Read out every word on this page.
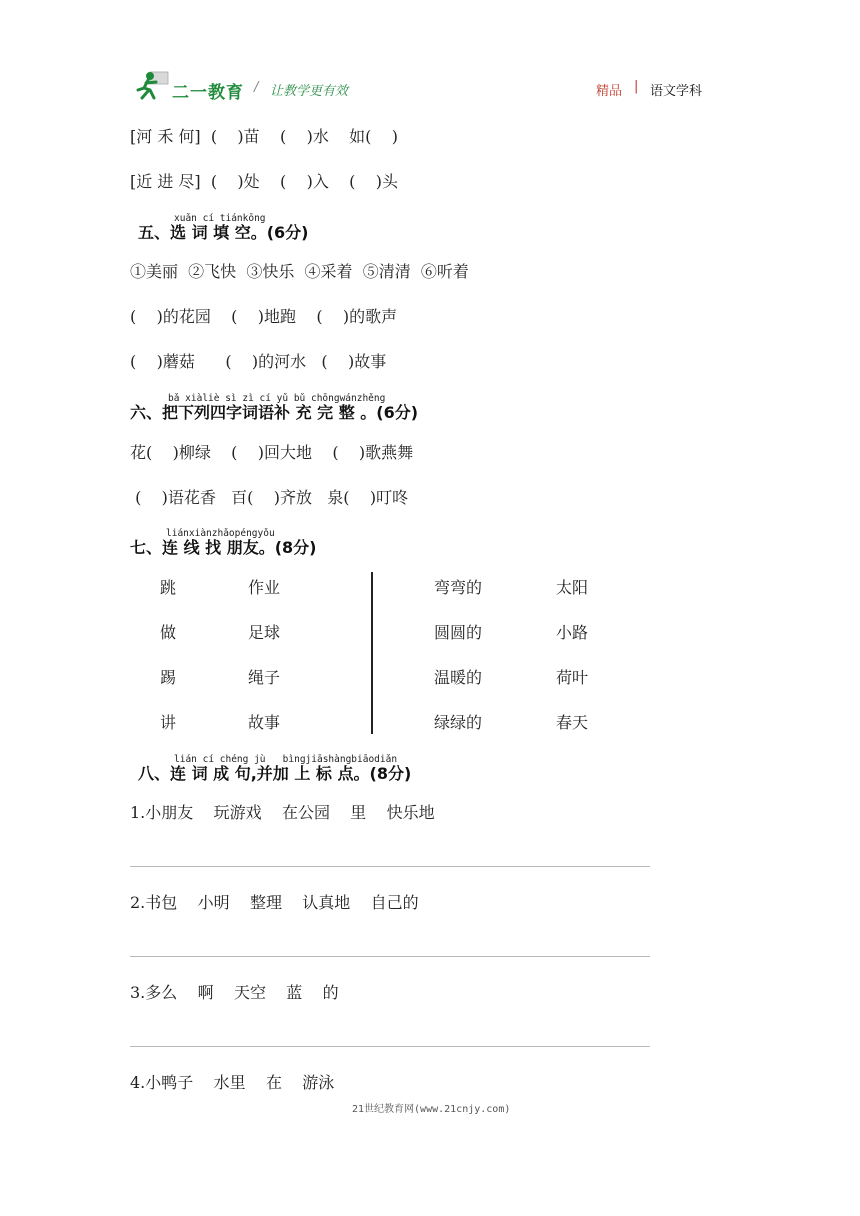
二一教育 / 让教学更有效	精品 | 语文学科
[河 禾 何]  (    )苗    (    )水    如(    )
[近 进 尽]  (    )处    (    )入    (    )头
xuǎn cí tiánkōng
五、选 词 填 空。(6分)
①美丽  ②飞快  ③快乐  ④采着  ⑤清清  ⑥听着
(    )的花园    (    )地跑    (    )的歌声
(    )蘑菇      (    )的河水   (    )故事
bǎ xiàliè sì zì cí yǔ bǔ chōngwánzhěng
六、把下列四字词语补 充 完 整 。(6分)
花(    )柳绿    (    )回大地    (    )歌燕舞
(    )语花香   百(    )齐放   泉(    )叮咚
liánxiànzhǎopéngyǒu
七、连 线 找 朋友。(8分)
跳
做
踢
讲
作业
足球
绳子
故事
弯弯的
圆圆的
温暖的
绿绿的
太阳
小路
荷叶
春天
lián cí chéng jù   bìngjiāshàngbiāodiǎn
八、连 词 成 句,并加 上 标 点。(8分)
1.小朋友    玩游戏    在公园    里    快乐地
2.书包    小明    整理    认真地    自己的
3.多么    啊    天空    蓝    的
4.小鸭子    水里    在    游泳
21世纪教育网(www.21cnjy.com)
